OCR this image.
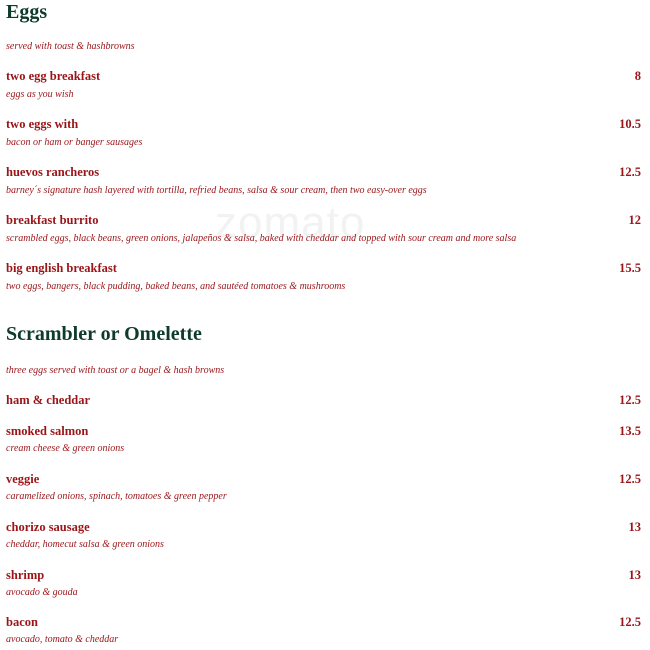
zomato
Eggs
served with toast & hashbrowns
two egg breakfast	8
eggs as you wish
two eggs with	10.5
bacon or ham or banger sausages
huevos rancheros	12.5
barney´s signature hash layered with tortilla, refried beans, salsa & sour cream, then two easy-over eggs
breakfast burrito	12
scrambled eggs, black beans, green onions, jalapeños & salsa, baked with cheddar and topped with sour cream and more salsa
big english breakfast	15.5
two eggs, bangers, black pudding, baked beans, and sautéed tomatoes & mushrooms
Scrambler or Omelette
three eggs served with toast or a bagel & hash browns
ham & cheddar	12.5
smoked salmon	13.5
cream cheese & green onions
veggie	12.5
caramelized onions, spinach, tomatoes & green pepper
chorizo sausage	13
cheddar, homecut salsa & green onions
shrimp	13
avocado & gouda
bacon	12.5
avocado, tomato & cheddar
